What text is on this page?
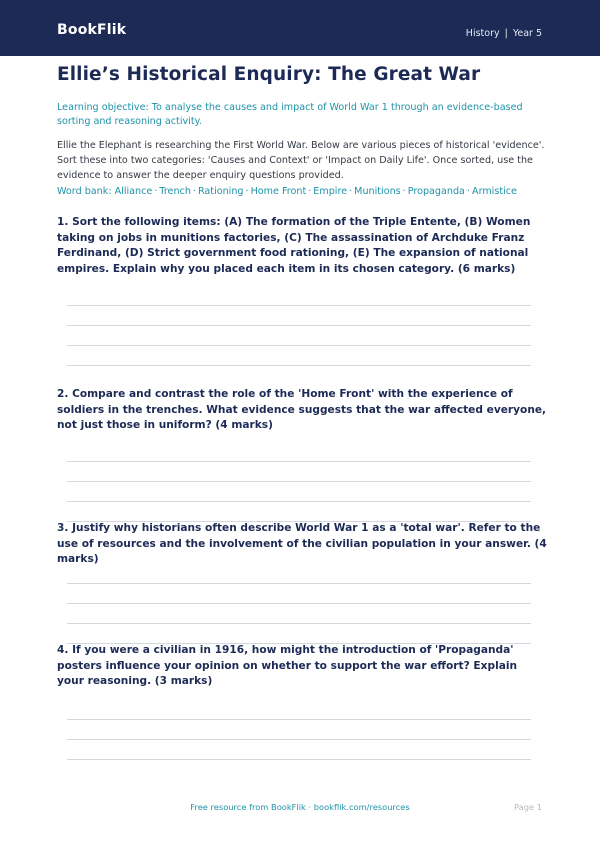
BookFlik	History | Year 5
Ellie’s Historical Enquiry: The Great War

Learning objective: To analyse the causes and impact of World War 1 through an evidence-based sorting and reasoning activity.

Ellie the Elephant is researching the First World War. Below are various pieces of historical 'evidence'. Sort these into two categories: 'Causes and Context' or 'Impact on Daily Life'. Once sorted, use the evidence to answer the deeper enquiry questions provided.

Word bank: Alliance · Trench · Rationing · Home Front · Empire · Munitions · Propaganda · Armistice

1. Sort the following items: (A) The formation of the Triple Entente, (B) Women taking on jobs in munitions factories, (C) The assassination of Archduke Franz Ferdinand, (D) Strict government food rationing, (E) The expansion of national empires. Explain why you placed each item in its chosen category. (6 marks)

2. Compare and contrast the role of the 'Home Front' with the experience of soldiers in the trenches. What evidence suggests that the war affected everyone, not just those in uniform? (4 marks)

3. Justify why historians often describe World War 1 as a 'total war'. Refer to the use of resources and the involvement of the civilian population in your answer. (4 marks)

4. If you were a civilian in 1916, how might the introduction of 'Propaganda' posters influence your opinion on whether to support the war effort? Explain your reasoning. (3 marks)

Free resource from BookFlik · bookflik.com/resources	Page 1
